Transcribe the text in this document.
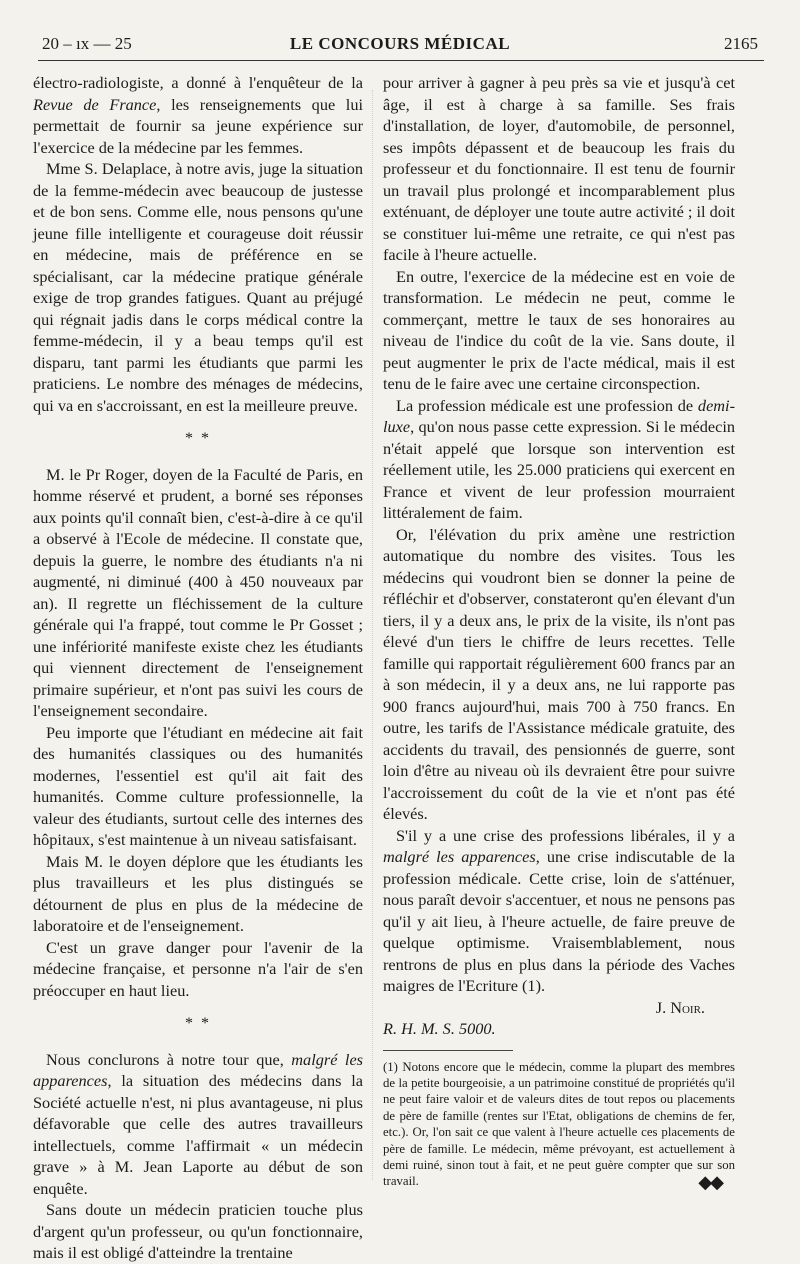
20 – ıx — 25	LE CONCOURS MÉDICAL	2165

électro-radiologiste, a donné à l'enquêteur de la Revue de France, les renseignements que lui permettait de fournir sa jeune expérience sur l'exercice de la médecine par les femmes.

Mme S. Delaplace, à notre avis, juge la situation de la femme-médecin avec beaucoup de justesse et de bon sens. Comme elle, nous pensons qu'une jeune fille intelligente et courageuse doit réussir en médecine, mais de préférence en se spécialisant, car la médecine pratique générale exige de trop grandes fatigues. Quant au préjugé qui régnait jadis dans le corps médical contre la femme-médecin, il y a beau temps qu'il est disparu, tant parmi les étudiants que parmi les praticiens. Le nombre des ménages de médecins, qui va en s'accroissant, en est la meilleure preuve.

* *

M. le Pr Roger, doyen de la Faculté de Paris, en homme réservé et prudent, a borné ses réponses aux points qu'il connaît bien, c'est-à-dire à ce qu'il a observé à l'Ecole de médecine. Il constate que, depuis la guerre, le nombre des étudiants n'a ni augmenté, ni diminué (400 à 450 nouveaux par an). Il regrette un fléchissement de la culture générale qui l'a frappé, tout comme le Pr Gosset ; une infériorité manifeste existe chez les étudiants qui viennent directement de l'enseignement primaire supérieur, et n'ont pas suivi les cours de l'enseignement secondaire.

Peu importe que l'étudiant en médecine ait fait des humanités classiques ou des humanités modernes, l'essentiel est qu'il ait fait des humanités. Comme culture professionnelle, la valeur des étudiants, surtout celle des internes des hôpitaux, s'est maintenue à un niveau satisfaisant.

Mais M. le doyen déplore que les étudiants les plus travailleurs et les plus distingués se détournent de plus en plus de la médecine de laboratoire et de l'enseignement.

C'est un grave danger pour l'avenir de la médecine française, et personne n'a l'air de s'en préoccuper en haut lieu.

* *

Nous conclurons à notre tour que, malgré les apparences, la situation des médecins dans la Société actuelle n'est, ni plus avantageuse, ni plus défavorable que celle des autres travailleurs intellectuels, comme l'affirmait « un médecin grave » à M. Jean Laporte au début de son enquête.

Sans doute un médecin praticien touche plus d'argent qu'un professeur, ou qu'un fonctionnaire, mais il est obligé d'atteindre la trentaine

pour arriver à gagner à peu près sa vie et jusqu'à cet âge, il est à charge à sa famille. Ses frais d'installation, de loyer, d'automobile, de personnel, ses impôts dépassent et de beaucoup les frais du professeur et du fonctionnaire. Il est tenu de fournir un travail plus prolongé et incomparablement plus exténuant, de déployer une toute autre activité ; il doit se constituer lui-même une retraite, ce qui n'est pas facile à l'heure actuelle.

En outre, l'exercice de la médecine est en voie de transformation. Le médecin ne peut, comme le commerçant, mettre le taux de ses honoraires au niveau de l'indice du coût de la vie. Sans doute, il peut augmenter le prix de l'acte médical, mais il est tenu de le faire avec une certaine circonspection.

La profession médicale est une profession de demi-luxe, qu'on nous passe cette expression. Si le médecin n'était appelé que lorsque son intervention est réellement utile, les 25.000 praticiens qui exercent en France et vivent de leur profession mourraient littéralement de faim.

Or, l'élévation du prix amène une restriction automatique du nombre des visites. Tous les médecins qui voudront bien se donner la peine de réfléchir et d'observer, constateront qu'en élevant d'un tiers, il y a deux ans, le prix de la visite, ils n'ont pas élevé d'un tiers le chiffre de leurs recettes. Telle famille qui rapportait régulièrement 600 francs par an à son médecin, il y a deux ans, ne lui rapporte pas 900 francs aujourd'hui, mais 700 à 750 francs. En outre, les tarifs de l'Assistance médicale gratuite, des accidents du travail, des pensionnés de guerre, sont loin d'être au niveau où ils devraient être pour suivre l'accroissement du coût de la vie et n'ont pas été élevés.

S'il y a une crise des professions libérales, il y a malgré les apparences, une crise indiscutable de la profession médicale. Cette crise, loin de s'atténuer, nous paraît devoir s'accentuer, et nous ne pensons pas qu'il y ait lieu, à l'heure actuelle, de faire preuve de quelque optimisme. Vraisemblablement, nous rentrons de plus en plus dans la période des Vaches maigres de l'Ecriture (1).

J. Noir.

R. H. M. S. 5000.

(1) Notons encore que le médecin, comme la plupart des membres de la petite bourgeoisie, a un patrimoine constitué de propriétés qu'il ne peut faire valoir et de valeurs dites de tout repos ou placements de père de famille (rentes sur l'Etat, obligations de chemins de fer, etc.). Or, l'on sait ce que valent à l'heure actuelle ces placements de père de famille. Le médecin, même prévoyant, est actuellement à demi ruiné, sinon tout à fait, et ne peut guère compter que sur son travail.	◆◆
